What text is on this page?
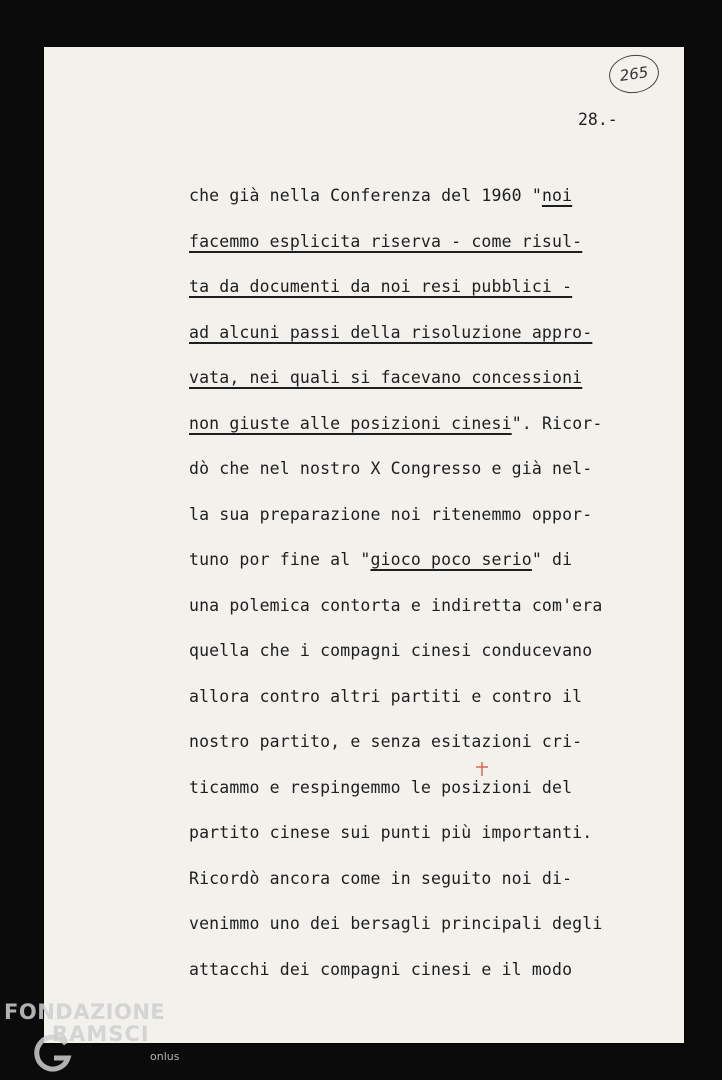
265
28.-
che già nella Conferenza del 1960 "noi
facemmo esplicita riserva - come risul-
ta da documenti da noi resi pubblici -
ad alcuni passi della risoluzione appro-
vata, nei quali si facevano concessioni
non giuste alle posizioni cinesi". Ricor-
dò che nel nostro X Congresso e già nel-
la sua preparazione noi ritenemmo oppor-
tuno por fine al "gioco poco serio" di
una polemica contorta e indiretta com'era
quella che i compagni cinesi conducevano
allora contro altri partiti e contro il
nostro partito, e senza esitazioni cri-
ticammo e respingemmo le posizioni del
partito cinese sui punti più importanti.
Ricordò ancora come in seguito noi di-
venimmo uno dei bersagli principali degli
attacchi dei compagni cinesi e il modo
FONDAZIONE
RAMSCI
onlus
